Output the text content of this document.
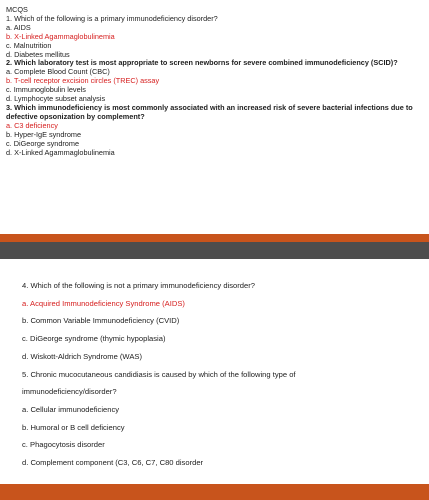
MCQS
1. Which of the following is a primary immunodeficiency disorder?
a. AIDS
b. X-Linked Agammaglobulinemia
c. Malnutrition
d. Diabetes mellitus
2. Which laboratory test is most appropriate to screen newborns for severe combined immunodeficiency (SCID)?
a. Complete Blood Count (CBC)
b. T-cell receptor excision circles (TREC) assay
c. Immunoglobulin levels
d. Lymphocyte subset analysis
3. Which immunodeficiency is most commonly associated with an increased risk of severe bacterial infections due to defective opsonization by complement?
a. C3 deficiency
b. Hyper-IgE syndrome
c. DiGeorge syndrome
d. X-Linked Agammaglobulinemia
4. Which of the following is not a primary immunodeficiency disorder?
a. Acquired Immunodeficiency Syndrome (AIDS)
b. Common Variable Immunodeficiency (CVID)
c. DiGeorge syndrome (thymic hypoplasia)
d. Wiskott-Aldrich Syndrome (WAS)
5. Chronic mucocutaneous candidiasis is caused by which of the following type of
immunodeficiency/disorder?
a. Cellular immunodeficiency
b. Humoral or B cell deficiency
c. Phagocytosis disorder
d. Complement component (C3, C6, C7, C80 disorder
